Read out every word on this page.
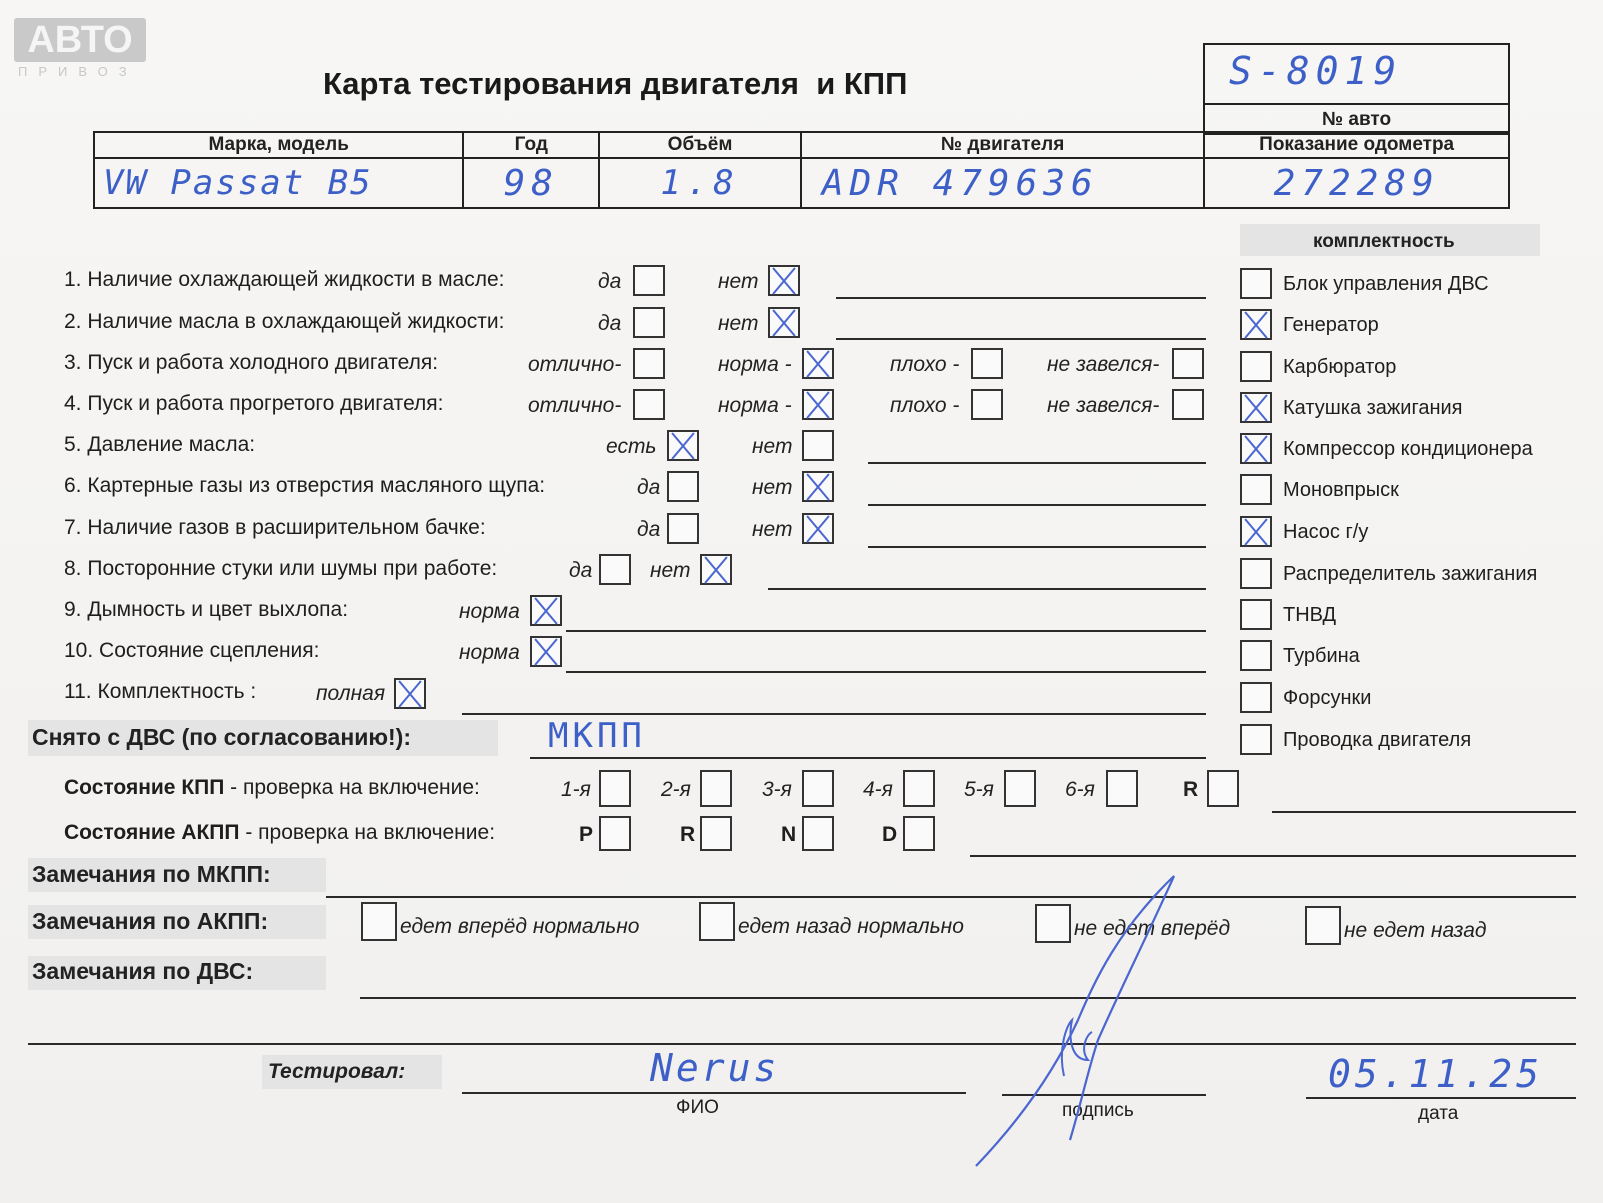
АВТО
ПРИВОЗ	Карта тестирования двигателя  и КПП	S-8019
№ авто
Марка, модель	Год	Объём	№ двигателя	Показание одометра
VW Passat B5	98	1.8	ADR 479636	272289
комплектность
1. Наличие охлаждающей жидкости в масле:	да	нет
2. Наличие масла в охлаждающей жидкости:	да	нет
3. Пуск и работа холодного двигателя:	отлично-	норма -	плохо -	не завелся-
4. Пуск и работа прогретого двигателя:	отлично-	норма -	плохо -	не завелся-
5. Давление масла:	есть	нет
6. Картерные газы из отверстия масляного щупа:	да	нет
7. Наличие газов в расширительном бачке:	да	нет
8. Посторонние стуки или шумы при работе:	да	нет
9. Дымность и цвет выхлопа:	норма
10. Состояние сцепления:	норма
11. Комплектность :	полная
Блок управления ДВС
Генератор
Карбюратор
Катушка зажигания
Компрессор кондиционера
Моновпрыск
Насос г/у
Распределитель зажигания
ТНВД
Турбина
Форсунки
Проводка двигателя
Снято с ДВС (по согласованию!):	МКПП
Состояние КПП - проверка на включение:	1-я	2-я	3-я	4-я	5-я	6-я	R
Состояние АКПП - проверка на включение:	P	R	N	D
Замечания по МКПП:
Замечания по АКПП:	едет вперёд нормально	едет назад нормально	не едет вперёд	не едет назад
Замечания по ДВС:
Тестировал:	Nerus
ФИО	подпись
05.11.25
дата
